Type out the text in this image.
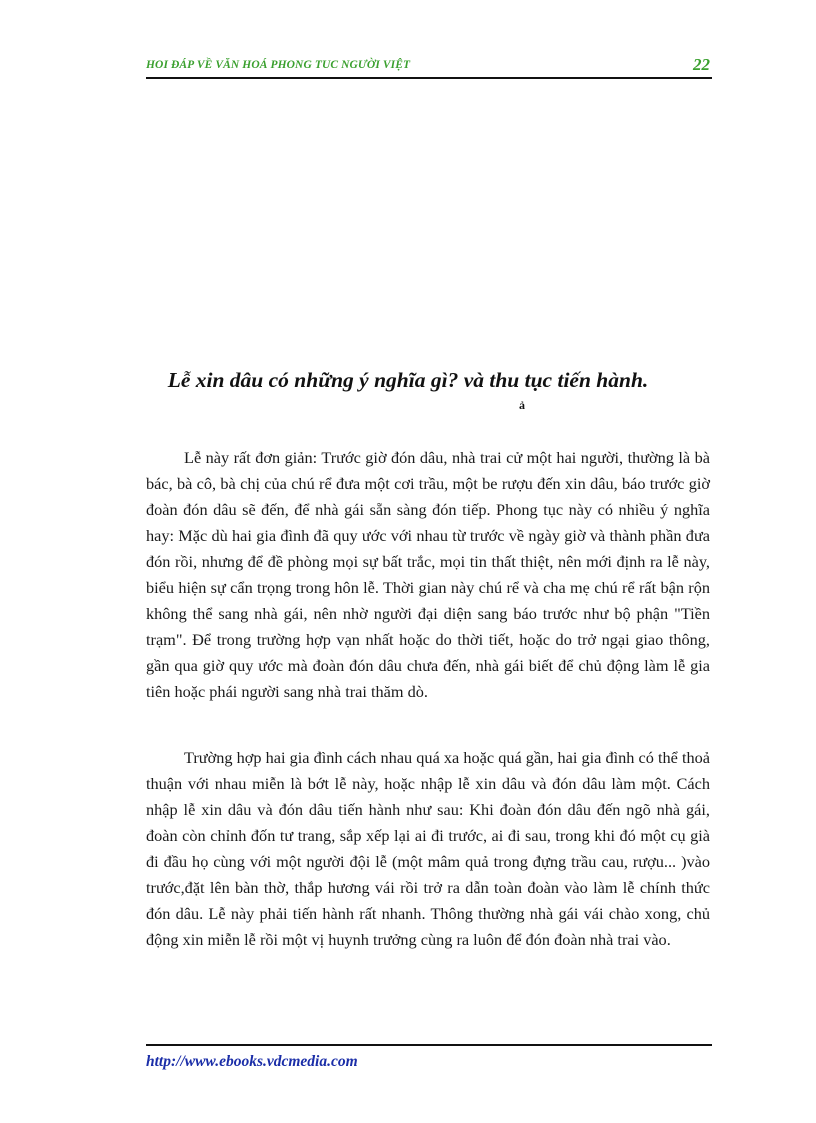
HOI ĐÁP VỀ VĂN HOÁ PHONG TUC NGƯỜI VIỆT	22
Lễ xin dâu có những ý nghĩa gì? và thu tục tiến hành.
ả

Lễ này rất đơn giản: Trước giờ đón dâu, nhà trai cử một hai người, thường là bà bác, bà cô, bà chị của chú rể đưa một cơi trầu, một be rượu đến xin dâu, báo trước giờ đoàn đón dâu sẽ đến, để nhà gái sẵn sàng đón tiếp. Phong tục này có nhiều ý nghĩa hay: Mặc dù hai gia đình đã quy ước với nhau từ trước về ngày giờ và thành phần đưa đón rồi, nhưng để đề phòng mọi sự bất trắc, mọi tin thất thiệt, nên mới định ra lễ này, biểu hiện sự cẩn trọng trong hôn lễ. Thời gian này chú rể và cha mẹ chú rể rất bận rộn không thể sang nhà gái, nên nhờ người đại diện sang báo trước như bộ phận "Tiền trạm". Để trong trường hợp vạn nhất hoặc do thời tiết, hoặc do trở ngại giao thông, gần qua giờ quy ước mà đoàn đón dâu chưa đến, nhà gái biết để chủ động làm lễ gia tiên hoặc phái người sang nhà trai thăm dò.

Trường hợp hai gia đình cách nhau quá xa hoặc quá gần, hai gia đình có thể thoả thuận với nhau miễn là bớt lễ này, hoặc nhập lễ xin dâu và đón dâu làm một. Cách nhập lễ xin dâu và đón dâu tiến hành như sau: Khi đoàn đón dâu đến ngõ nhà gái, đoàn còn chỉnh đốn tư trang, sắp xếp lại ai đi trước, ai đi sau, trong khi đó một cụ già đi đầu họ cùng với một người đội lễ (một mâm quả trong đựng trầu cau, rượu... )vào trước,đặt lên bàn thờ, thắp hương vái rồi trở ra dẫn toàn đoàn vào làm lễ chính thức đón dâu. Lễ này phải tiến hành rất nhanh. Thông thường nhà gái vái chào xong, chủ động xin miễn lễ rồi một vị huynh trưởng cùng ra luôn để đón đoàn nhà trai vào.

http://www.ebooks.vdcmedia.com
